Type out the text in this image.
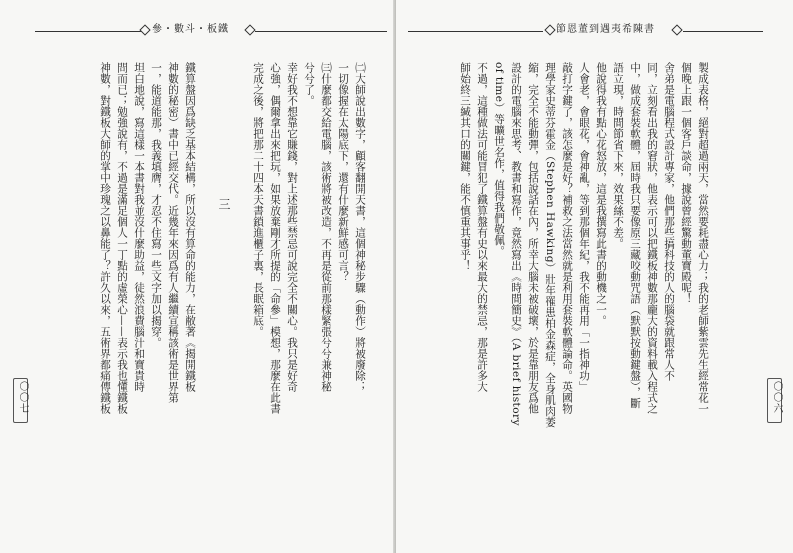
參・數斗・板鐵
㈡大師說出數字，顧客翻開天書，這個神秘步驟（動作）將被廢除；
一切像握在太陽底下，還有什麼新鮮感可言？
㈢什麼都交給電腦，該術將被改造，不再是從前那樣緊張兮兮兼神秘
兮兮了。
幸好我不想靠它賺錢，對上述那些禁忌可說完全不關心。我只是好奇
心強，偶爾拿出來把玩，如果放棄剛才所提的「命參」模想，那麼在此書
完成之後，將把那二十四本天書鎖進櫃子裏，長眠箱底。
三
鐵算盤因爲缺乏基本結構，所以沒有算命的能力，在敝著《揭開鐵板
神數的秘密）書中已經交代。近幾年來因爲有人繼續宣稱該術是世界第
一，能道能那，我義填膺，才忍不住寫一些文字加以揭穿。
坦白地說，寫這樣一本書對我並沒什麼助益，徒然浪費腦汁和寶貴時
問而已；勉強說有，不過是滿足個人一丁點的虛榮心——表示我也懂鐵板
神數，對鐵板大師的掌中珍瑰之以鼻能了？許久以來，五術界都痛傳鐵板
〇〇七
節恩董到遇夷希陳書
製成表格，絕對超過兩天，當然要耗盡心力；我的老師紫雲先生經常花一
個晚上跟一個客戶談命，據說曾經驚動董寶殿呢！
舍弟是電腦程式設計專家，他們那些搞科技的人的腦袋就跟常人不
同，立刻看出我的窘狀，他表示可以把鐵板神數那龐大的資料載入程式之
中，做成套裝軟體，屆時我只要像原三藏咬動咒語（默默按動鍵盤），斷
語立現，時間節省下來，效果絲不差。
他說得我有點心花怒放，這是我撰寫此書的動機之一。
人會老，會眼花，會神亂，等到那個年紀，我不能再用「一指神功」
敲打字鍵了，該怎麼是好？補救之法當然就是利用套裝軟體論命。英國物
理學家史蒂芬霍金（Stephen Hawking）壯年罹患柏金森症，全身肌肉萎
縮，完全不能動彈，包括說話在內，所幸大腦未被破壞，於是靠朋友爲他
設計的電腦來思考、教書和寫作，竟然寫出《時間簡史》（A brief history
of time）等曠世名作，值得我們敬佩。
不過，這種做法可能冒犯了鐵算盤有史以來最大的禁忌，那是許多大
師始終三緘其口的關鍵，能不慎重其事乎！
〇〇六
